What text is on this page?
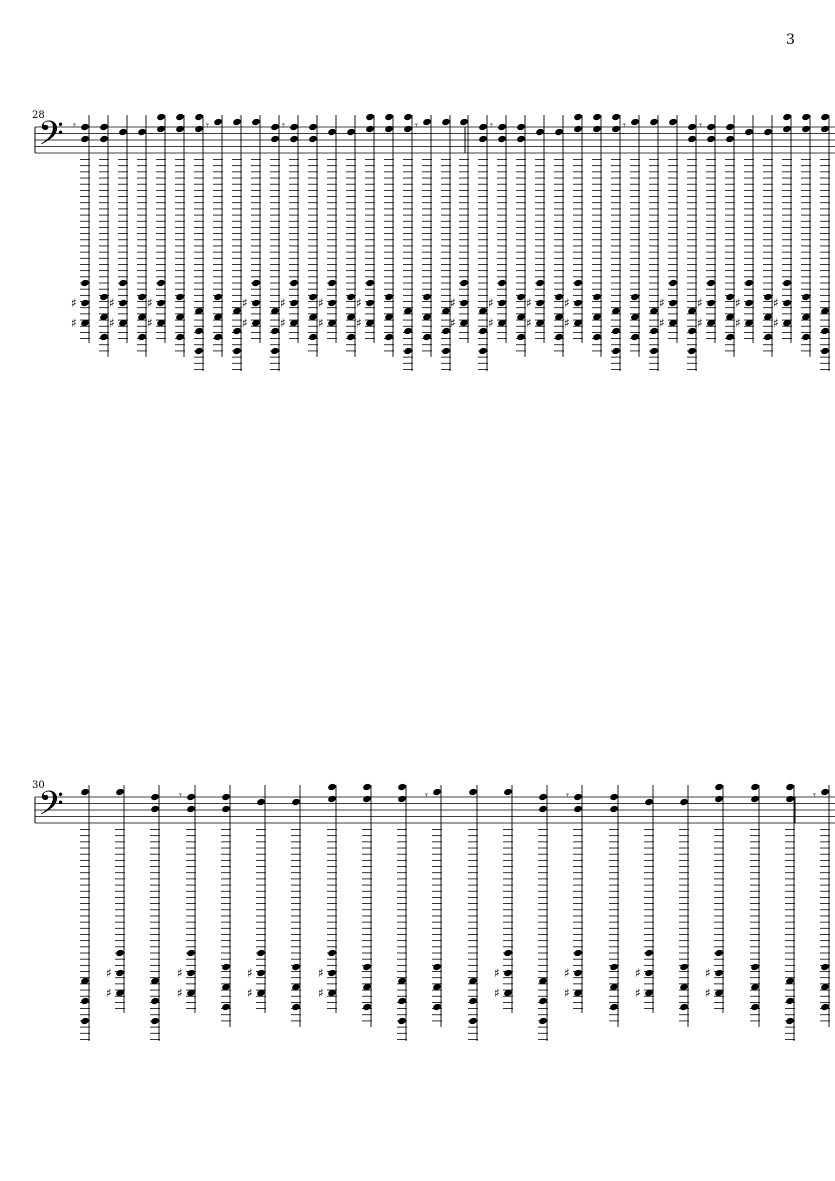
3
28
𝄢
30
𝄢
♯
♯
𝄾
♯
♯
♯
♯
𝄾
♯
♯
♯
♯
𝄾
♯
♯
♯
♯
𝄾
♯
♯
♯
♯
𝄾
♯
♯
♯
♯
𝄾
♯
♯
♯
♯
𝄾
♯
♯
♯
♯
♯
♯
♯
♯
𝄾
♯
♯
♯
♯
𝄾
♯
♯
♯
♯
𝄾
♯
♯
♯
♯
𝄾
